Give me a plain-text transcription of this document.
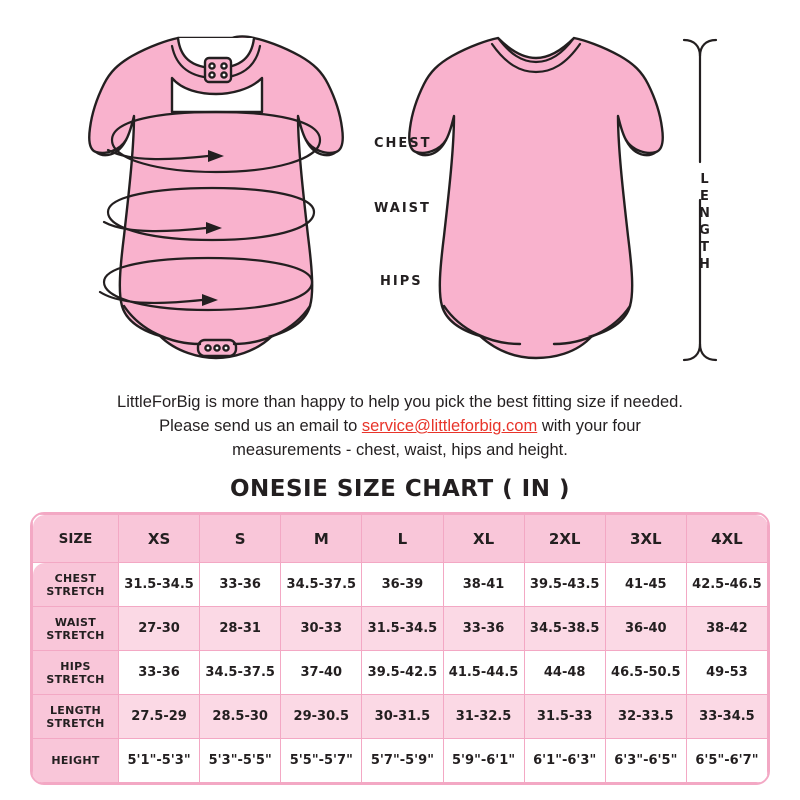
CHEST
WAIST
HIPS
LENGTH
LittleForBig is more than happy to help you pick the best fitting size if needed.
Please send us an email to service@littleforbig.com with your four
measurements - chest, waist, hips and height.
ONESIE SIZE CHART ( IN )
SIZE	XS	S	M	L	XL	2XL	3XL	4XL

CHEST
STRETCH	31.5-34.5	33-36	34.5-37.5	36-39	38-41	39.5-43.5	41-45	42.5-46.5

WAIST
STRETCH	27-30	28-31	30-33	31.5-34.5	33-36	34.5-38.5	36-40	38-42

HIPS
STRETCH	33-36	34.5-37.5	37-40	39.5-42.5	41.5-44.5	44-48	46.5-50.5	49-53

LENGTH
STRETCH	27.5-29	28.5-30	29-30.5	30-31.5	31-32.5	31.5-33	32-33.5	33-34.5

HEIGHT	5'1"-5'3"	5'3"-5'5"	5'5"-5'7"	5'7"-5'9"	5'9"-6'1"	6'1"-6'3"	6'3"-6'5"	6'5"-6'7"
